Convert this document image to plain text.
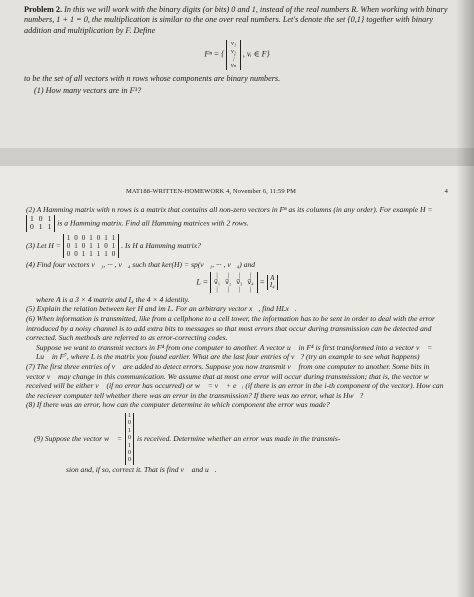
Problem 2. In this we will work with the binary digits (or bits) 0 and 1, instead of the real numbers R. When working with binary numbers, 1 + 1 = 0, the multiplication is similar to the one over real numbers. Let's denote the set {0,1} together with binary addition and multiplication by F. Define

Fⁿ = {
v₁
v₂
⋮
vₙ
, vᵢ ∈ F}

to be the set of all vectors with n rows whose components are binary numbers.

(1) How many vectors are in F³?

MAT188-WRITTEN-HOMEWORK 4, November 6, 11:59 PM	4

(2) A Hamming matrix with n rows is a matrix that contains all non-zero vectors in Fⁿ as its columns (in any order). For example H =
1 0 1
0 1 1 is a Hamming matrix. Find all Hamming matrices with 2 rows.

(3) Let H =
1 0 0 1 0 1 1
0 1 0 1 1 0 1
0 0 1 1 1 1 0
. Is H a Hamming matrix?

(4) Find four vectors v⃗₁, ··· , v⃗₄ such that ker(H) = sp(v⃗₁, ··· , v⃗₄) and

L =
|	|	|	|
v⃗₁ v⃗₂ v⃗₃ v⃗₄
|	|	|	|
= A
I₄

where A is a 3 × 4 matrix and I₄ the 4 × 4 identity.

(5) Explain the relation between ker H and im L. For an arbitrary vector x⃗, find HLx⃗.

(6) When information is transmitted, like from a cellphone to a cell tower, the information has to be sent in order to deal with the error introduced by a noisy channel is to add extra bits to messages so that most errors that occur during transmission can be detected and corrected. Such methods are referred to as error-correcting codes.

Suppose we want to transmit vectors in F⁴ from one computer to another. A vector u⃗ in F⁴ is first transformed into a vector v⃗ = Lu⃗ in F⁷, where L is the matrix you found earlier. What are the last four entries of v⃗? (try an example to see what happens)

(7) The first three entries of v⃗ are added to detect errors. Suppose you now transmit v⃗ from one computer to another. Some bits in vector v⃗ may change in this communication. We assume that at most one error will occur during transmission; that is, the vector w⃗ received will be either v⃗ (if no error has occurred) or w⃗ = v⃗ + e⃗ᵢ (if there is an error in the i-th component of the vector). How can the reciever computer tell whether there was an error in the transmission? If there was no error, what is Hw⃗?

(8) If there was an error, how can the computer determine in which component the error was made?

(9) Suppose the vector w⃗ =
1
0
1
0
1
0
0
is received. Determine whether an error was made in the transmis-

sion and, if so, correct it. That is find v⃗ and u⃗.
